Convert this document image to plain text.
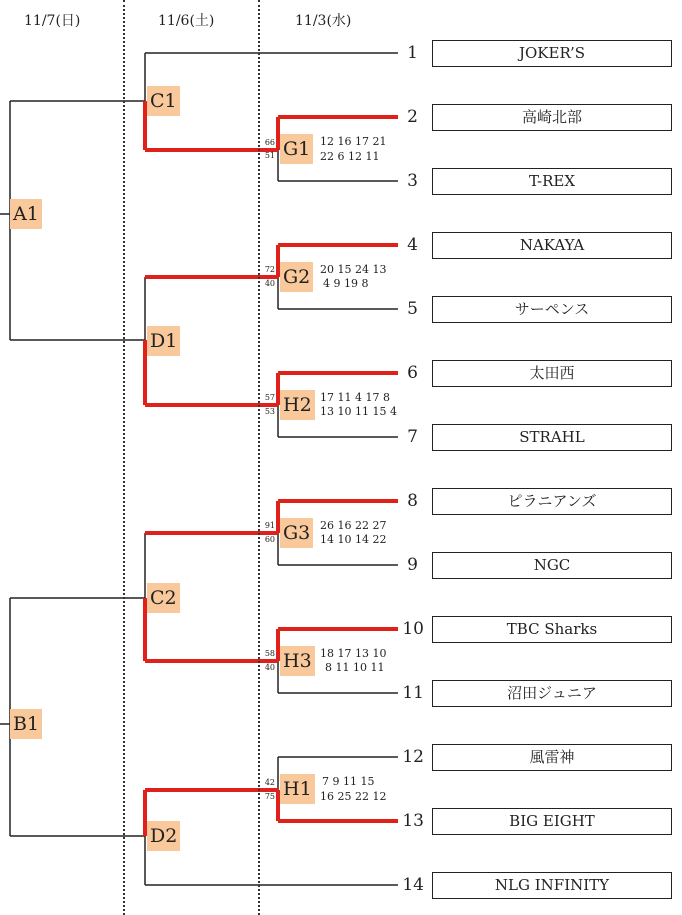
11/7(日)	11/6(土)	11/3(水)
1	JOKER’S
2	高崎北部
3	T-REX
4	NAKAYA
5	サーペンス
6	太田西
7	STRAHL
8	ピラニアンズ
9	NGC
10	TBC Sharks
11	沼田ジュニア
12	風雷神
13	BIG EIGHT
14	NLG INFINITY
66
51 G1 12 16 17 21
22 6 12 11
72
40 G2 20 15 24 13
4 9 19 8
57
53 H2 17 11 4 17 8
13 10 11 15 4
91
60 G3 26 16 22 27
14 10 14 22
58
40 H3 18 17 13 10
8 11 10 11
42
75 H1 7 9 11 15
16 25 22 12
C1
D1
C2
D2
A1
B1
